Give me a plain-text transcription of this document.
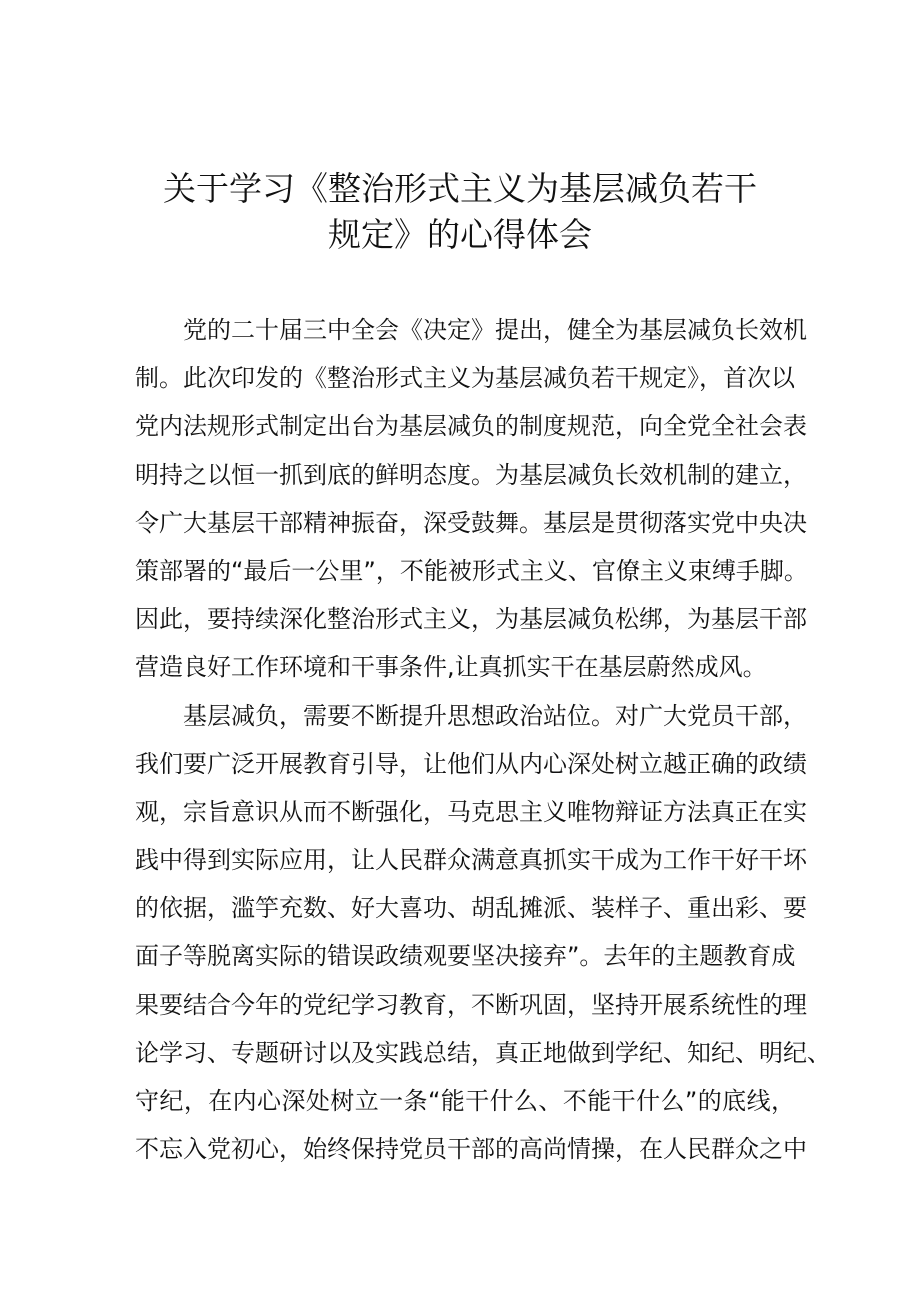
关于学习《整治形式主义为基层减负若干
规定》的心得体会
党的二十届三中全会《决定》提出，健全为基层减负长效机
制。此次印发的《整治形式主义为基层减负若干规定》，首次以
党内法规形式制定出台为基层减负的制度规范，向全党全社会表
明持之以恒一抓到底的鲜明态度。为基层减负长效机制的建立，
令广大基层干部精神振奋，深受鼓舞。基层是贯彻落实党中央决
策部署的“最后一公里”，不能被形式主义、官僚主义束缚手脚。
因此，要持续深化整治形式主义，为基层减负松绑，为基层干部
营造良好工作环境和干事条件,让真抓实干在基层蔚然成风。
基层减负，需要不断提升思想政治站位。对广大党员干部，
我们要广泛开展教育引导，让他们从内心深处树立越正确的政绩
观，宗旨意识从而不断强化，马克思主义唯物辩证方法真正在实
践中得到实际应用，让人民群众满意真抓实干成为工作干好干坏
的依据，滥竽充数、好大喜功、胡乱摊派、装样子、重出彩、要
面子等脱离实际的错误政绩观要坚决接弃”。去年的主题教育成
果要结合今年的党纪学习教育，不断巩固，坚持开展系统性的理
论学习、专题研讨以及实践总结，真正地做到学纪、知纪、明纪、
守纪，在内心深处树立一条“能干什么、不能干什么”的底线，
不忘入党初心，始终保持党员干部的高尚情操，在人民群众之中
